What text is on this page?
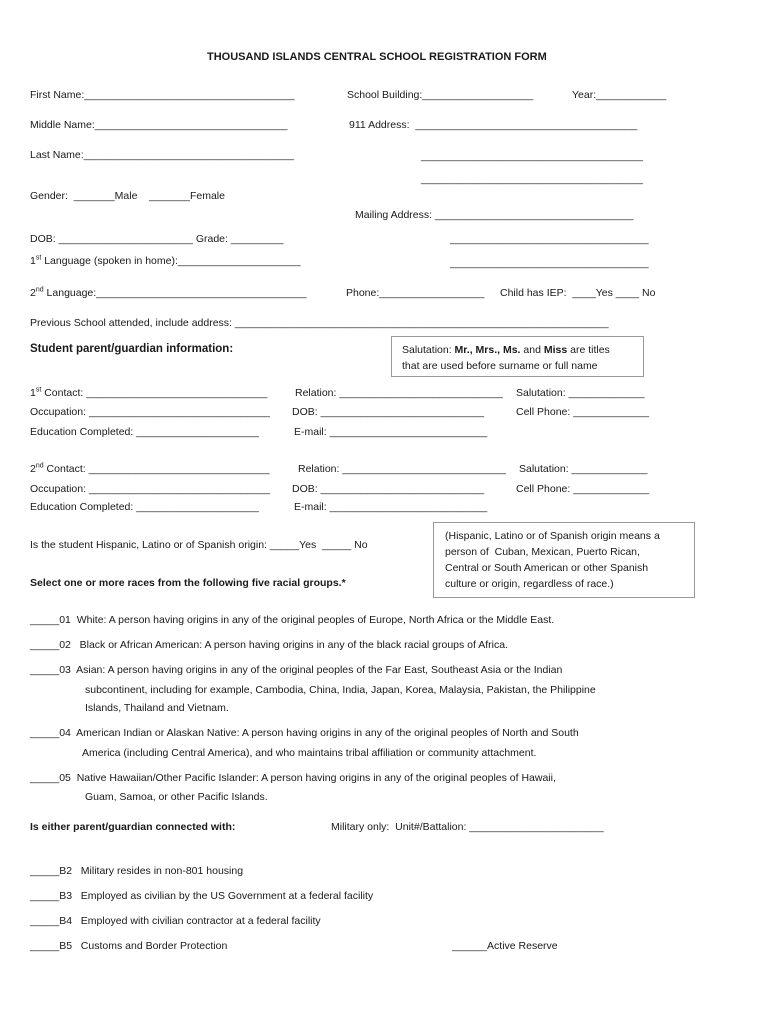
THOUSAND ISLANDS CENTRAL SCHOOL REGISTRATION FORM
First Name:____________________________________	School Building:___________________	Year:____________
Middle Name:_________________________________	911 Address:  ______________________________________
Last Name:____________________________________	______________________________________
______________________________________
Gender:  _______Male    _______Female
Mailing Address: __________________________________
DOB: _______________________ Grade: _________	__________________________________
1st Language (spoken in home):_____________________	__________________________________
2nd Language:____________________________________	Phone:__________________ Child has IEP:  ____Yes ____ No
Previous School attended, include address: ________________________________________________________________
Student parent/guardian information:	Salutation: Mr., Mrs., Ms. and Miss are titles
that are used before surname or full name
1st Contact: _______________________________	Relation: ____________________________ Salutation: _____________
Occupation: _______________________________ DOB: ____________________________	Cell Phone: _____________
Education Completed: _____________________	E-mail: ___________________________
2nd Contact: _______________________________	Relation: ____________________________ Salutation: _____________
Occupation: _______________________________ DOB: ____________________________	Cell Phone: _____________
Education Completed: _____________________	E-mail: ___________________________
(Hispanic, Latino or of Spanish origin means a
person of  Cuban, Mexican, Puerto Rican,
Central or South American or other Spanish
culture or origin, regardless of race.)
Is the student Hispanic, Latino or of Spanish origin: _____Yes  _____ No
Select one or more races from the following five racial groups.*
_____01  White: A person having origins in any of the original peoples of Europe, North Africa or the Middle East.
_____02   Black or African American: A person having origins in any of the black racial groups of Africa.
_____03  Asian: A person having origins in any of the original peoples of the Far East, Southeast Asia or the Indian
subcontinent, including for example, Cambodia, China, India, Japan, Korea, Malaysia, Pakistan, the Philippine
Islands, Thailand and Vietnam.
_____04  American Indian or Alaskan Native: A person having origins in any of the original peoples of North and South
America (including Central America), and who maintains tribal affiliation or community attachment.
_____05  Native Hawaiian/Other Pacific Islander: A person having origins in any of the original peoples of Hawaii,
Guam, Samoa, or other Pacific Islands.
Is either parent/guardian connected with:	Military only:  Unit#/Battalion: _______________________
_____B2   Military resides in non-801 housing
_____B3   Employed as civilian by the US Government at a federal facility
_____B4   Employed with civilian contractor at a federal facility
_____B5   Customs and Border Protection	______Active Reserve
